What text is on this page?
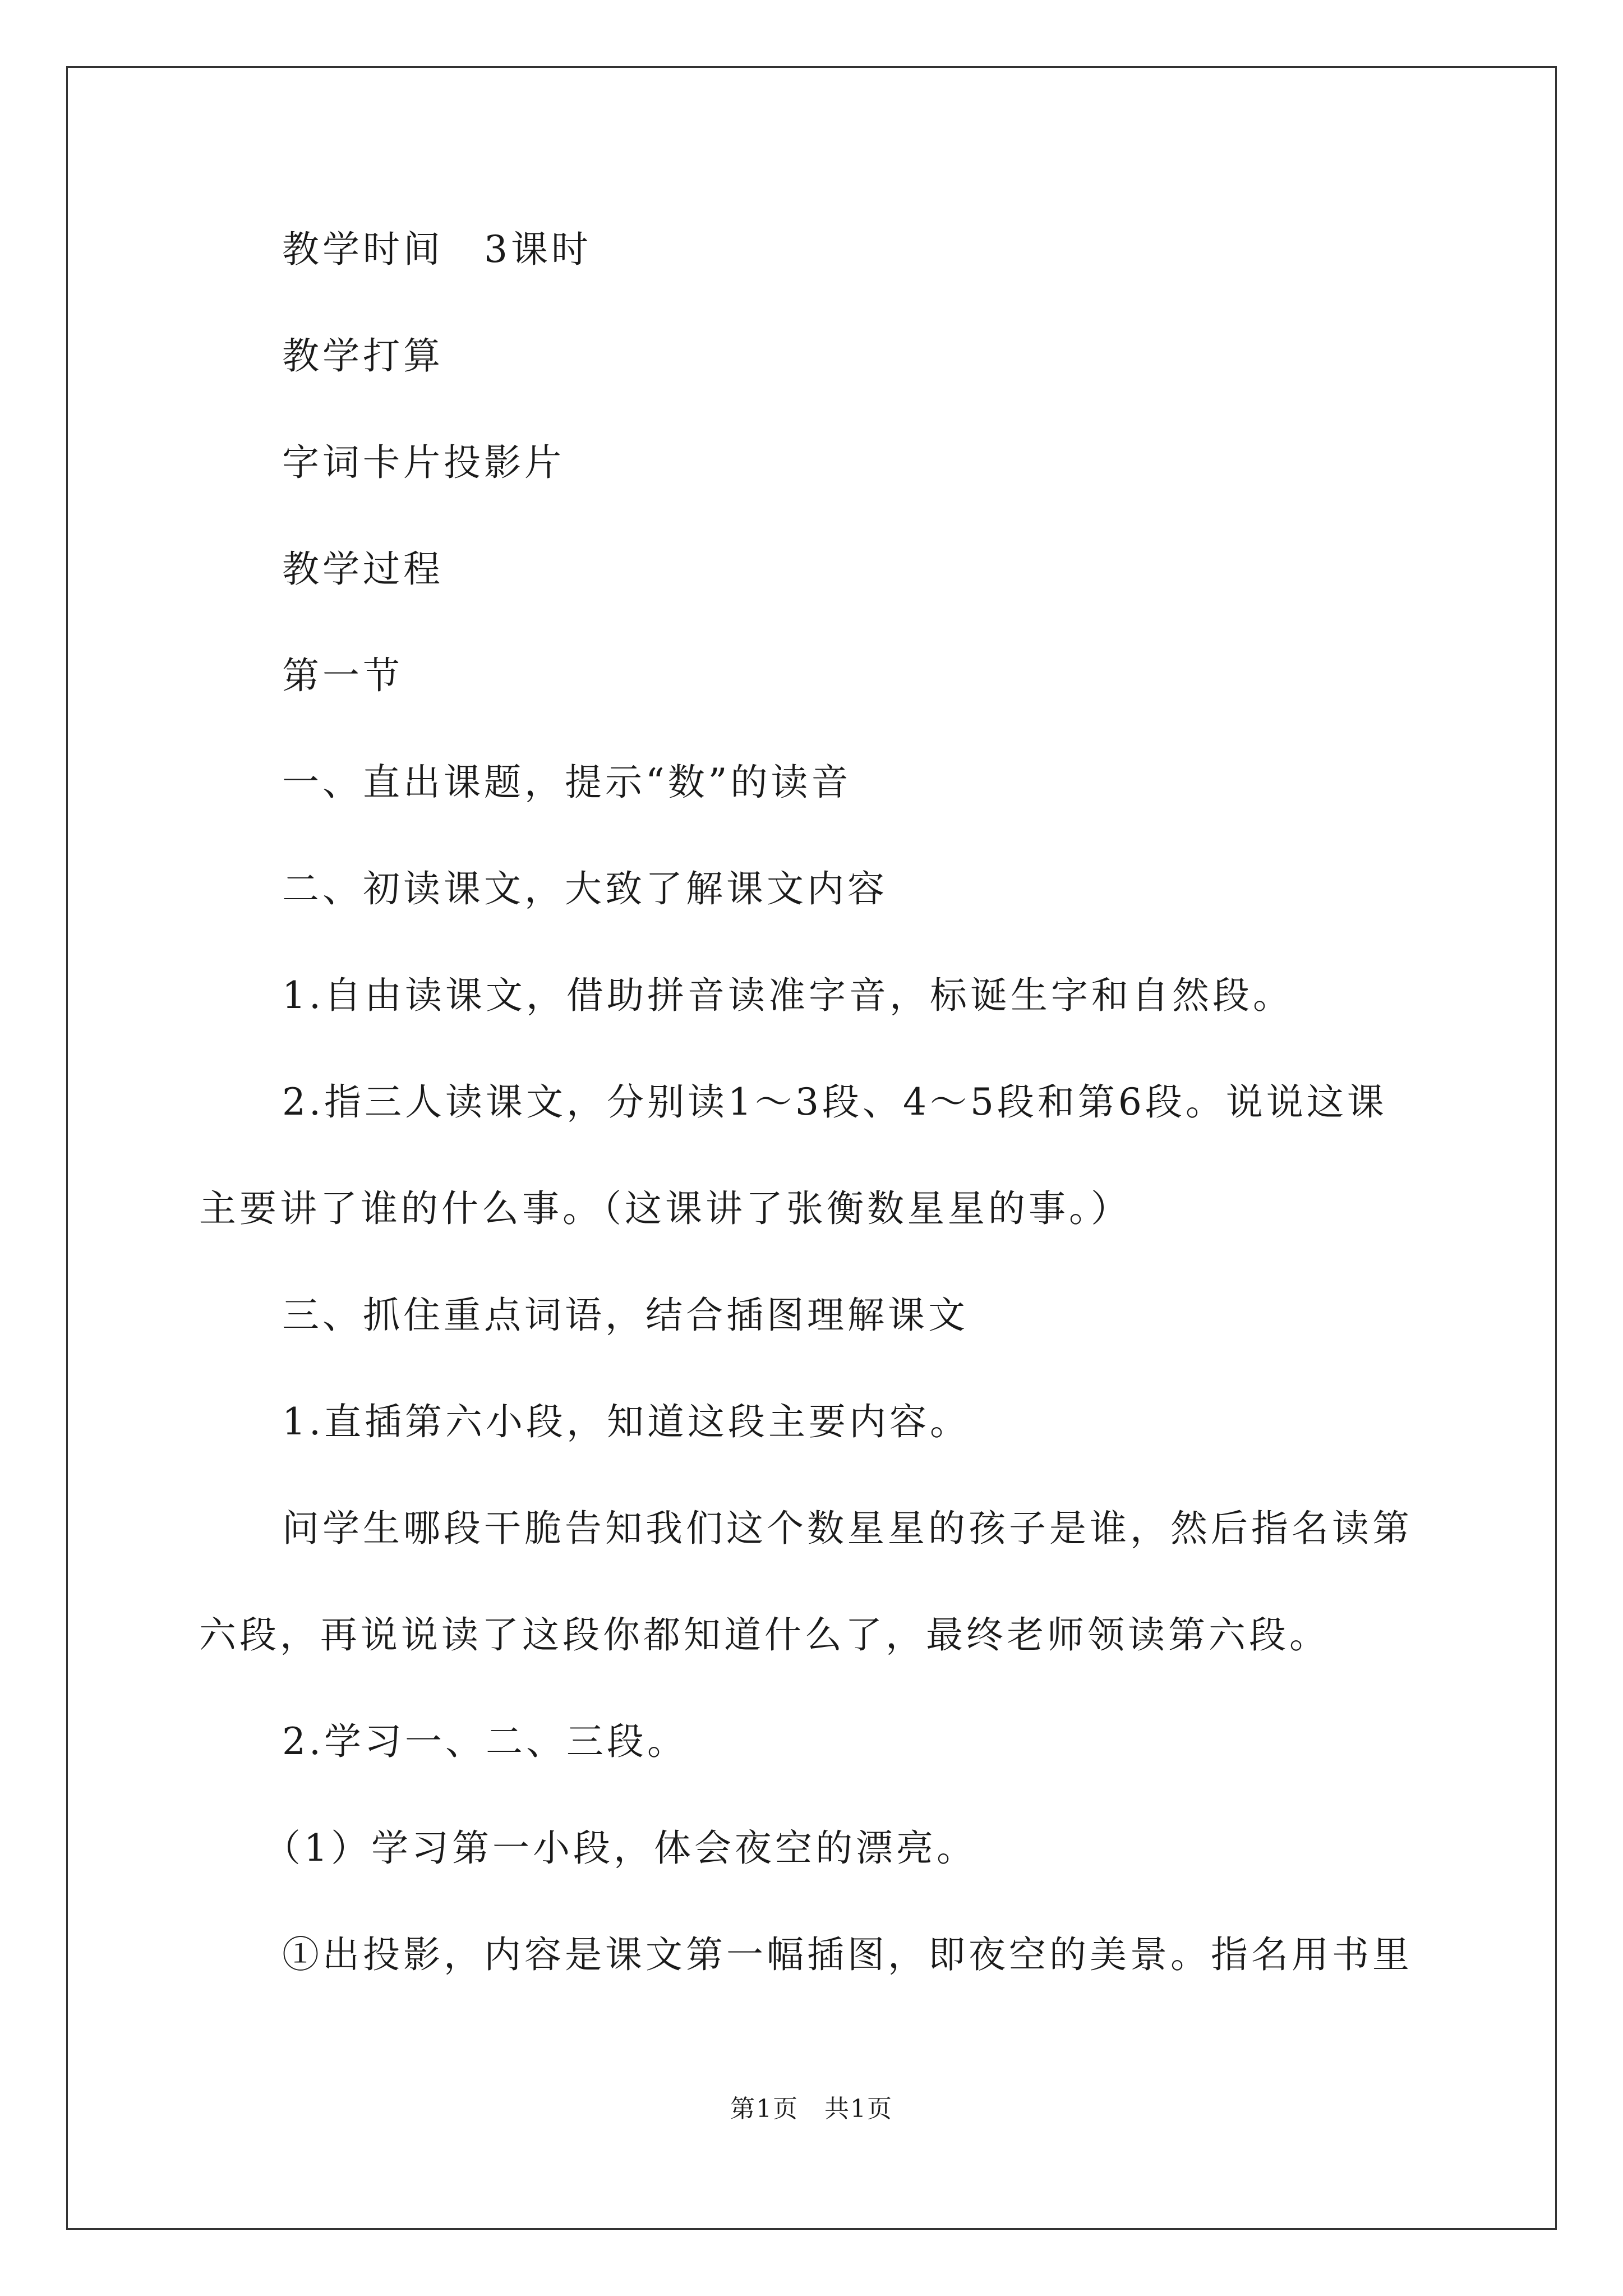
教学时间　3课时
教学打算
字词卡片投影片
教学过程
第一节
一、直出课题，提示“数”的读音
二、初读课文，大致了解课文内容
1.自由读课文，借助拼音读准字音，标诞生字和自然段。
2.指三人读课文，分别读1～3段、4～5段和第6段。说说这课
主要讲了谁的什么事。（这课讲了张衡数星星的事。）
三、抓住重点词语，结合插图理解课文
1.直插第六小段，知道这段主要内容。
问学生哪段干脆告知我们这个数星星的孩子是谁，然后指名读第
六段，再说说读了这段你都知道什么了，最终老师领读第六段。
2.学习一、二、三段。
（1）学习第一小段，体会夜空的漂亮。
①出投影，内容是课文第一幅插图，即夜空的美景。指名用书里
第1页　共1页
